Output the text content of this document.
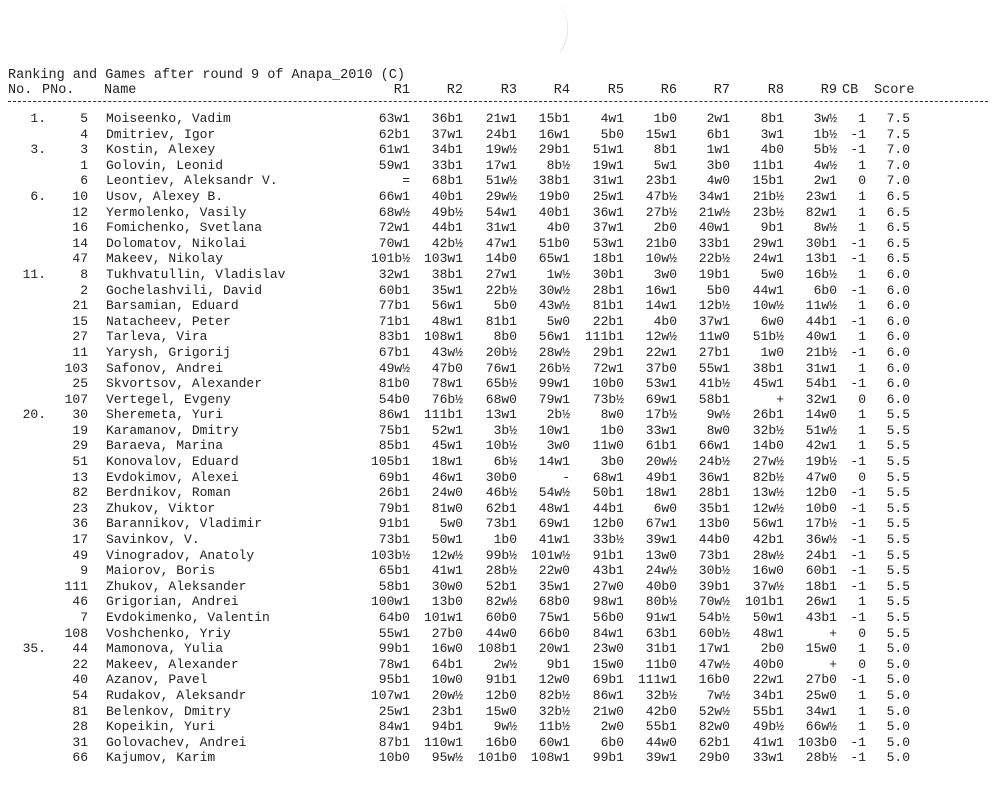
Ranking and Games after round 9 of Anapa_2010 (C)
No. PNo. Name	R1	R2	R3	R4	R5	R6	R7	R8	R9 CB Score
1.	5 Moiseenko, Vadim	63w1	36b1	21w1	15b1	4w1	1b0	2w1	8b1	3w½	1	7.5
4 Dmitriev, Igor	62b1	37w1	24b1	16w1	5b0	15w1	6b1	3w1	1b½	-1	7.5
3.	3 Kostin, Alexey	61w1	34b1	19w½	29b1	51w1	8b1	1w1	4b0	5b½	-1	7.0
1 Golovin, Leonid	59w1	33b1	17w1	8b½	19w1	5w1	3b0	11b1	4w½	1	7.0
6 Leontiev, Aleksandr V.	=	68b1	51w½	38b1	31w1	23b1	4w0	15b1	2w1	0	7.0
6.	10 Usov, Alexey B.	66w1	40b1	29w½	19b0	25w1	47b½	34w1	21b½	23w1	1	6.5
12 Yermolenko, Vasily	68w½	49b½	54w1	40b1	36w1	27b½	21w½	23b½	82w1	1	6.5
16 Fomichenko, Svetlana	72w1	44b1	31w1	4b0	37w1	2b0	40w1	9b1	8w½	1	6.5
14 Dolomatov, Nikolai	70w1	42b½	47w1	51b0	53w1	21b0	33b1	29w1	30b1	-1	6.5
47 Makeev, Nikolay	101b½	103w1	14b0	65w1	18b1	10w½	22b½	24w1	13b1	-1	6.5
11.	8 Tukhvatullin, Vladislav	32w1	38b1	27w1	1w½	30b1	3w0	19b1	5w0	16b½	1	6.0
2 Gochelashvili, David	60b1	35w1	22b½	30w½	28b1	16w1	5b0	44w1	6b0	-1	6.0
21 Barsamian, Eduard	77b1	56w1	5b0	43w½	81b1	14w1	12b½	10w½	11w½	1	6.0
15 Natacheev, Peter	71b1	48w1	81b1	5w0	22b1	4b0	37w1	6w0	44b1	-1	6.0
27 Tarleva, Vira	83b1	108w1	8b0	56w1	111b1	12w½	11w0	51b½	40w1	1	6.0
11 Yarysh, Grigorij	67b1	43w½	20b½	28w½	29b1	22w1	27b1	1w0	21b½	-1	6.0
103 Safonov, Andrei	49w½	47b0	76w1	26b½	72w1	37b0	55w1	38b1	31w1	1	6.0
25 Skvortsov, Alexander	81b0	78w1	65b½	99w1	10b0	53w1	41b½	45w1	54b1	-1	6.0
107 Vertegel, Evgeny	54b0	76b½	68w0	79w1	73b½	69w1	58b1	+	32w1	0	6.0
20.	30 Sheremeta, Yuri	86w1	111b1	13w1	2b½	8w0	17b½	9w½	26b1	14w0	1	5.5
19 Karamanov, Dmitry	75b1	52w1	3b½	10w1	1b0	33w1	8w0	32b½	51w½	1	5.5
29 Baraeva, Marina	85b1	45w1	10b½	3w0	11w0	61b1	66w1	14b0	42w1	1	5.5
51 Konovalov, Eduard	105b1	18w1	6b½	14w1	3b0	20w½	24b½	27w½	19b½	-1	5.5
13 Evdokimov, Alexei	69b1	46w1	30b0	-	68w1	49b1	36w1	82b½	47w0	0	5.5
82 Berdnikov, Roman	26b1	24w0	46b½	54w½	50b1	18w1	28b1	13w½	12b0	-1	5.5
23 Zhukov, Viktor	79b1	81w0	62b1	48w1	44b1	6w0	35b1	12w½	10b0	-1	5.5
36 Barannikov, Vladimir	91b1	5w0	73b1	69w1	12b0	67w1	13b0	56w1	17b½	-1	5.5
17 Savinkov, V.	73b1	50w1	1b0	41w1	33b½	39w1	44b0	42b1	36w½	-1	5.5
49 Vinogradov, Anatoly	103b½	12w½	99b½	101w½	91b1	13w0	73b1	28w½	24b1	-1	5.5
9 Maiorov, Boris	65b1	41w1	28b½	22w0	43b1	24w½	30b½	16w0	60b1	-1	5.5
111 Zhukov, Aleksander	58b1	30w0	52b1	35w1	27w0	40b0	39b1	37w½	18b1	-1	5.5
46 Grigorian, Andrei	100w1	13b0	82w½	68b0	98w1	80b½	70w½	101b1	26w1	1	5.5
7 Evdokimenko, Valentin	64b0	101w1	60b0	75w1	56b0	91w1	54b½	50w1	43b1	-1	5.5
108 Voshchenko, Yriy	55w1	27b0	44w0	66b0	84w1	63b1	60b½	48w1	+	0	5.5
35.	44 Mamonova, Yulia	99b1	16w0	108b1	20w1	23w0	31b1	17w1	2b0	15w0	1	5.0
22 Makeev, Alexander	78w1	64b1	2w½	9b1	15w0	11b0	47w½	40b0	+	0	5.0
40 Azanov, Pavel	95b1	10w0	91b1	12w0	69b1	111w1	16b0	22w1	27b0	-1	5.0
54 Rudakov, Aleksandr	107w1	20w½	12b0	82b½	86w1	32b½	7w½	34b1	25w0	1	5.0
81 Belenkov, Dmitry	25w1	23b1	15w0	32b½	21w0	42b0	52w½	55b1	34w1	1	5.0
28 Kopeikin, Yuri	84w1	94b1	9w½	11b½	2w0	55b1	82w0	49b½	66w½	1	5.0
31 Golovachev, Andrei	87b1	110w1	16b0	60w1	6b0	44w0	62b1	41w1	103b0	-1	5.0
66 Kajumov, Karim	10b0	95w½	101b0	108w1	99b1	39w1	29b0	33w1	28b½	-1	5.0
